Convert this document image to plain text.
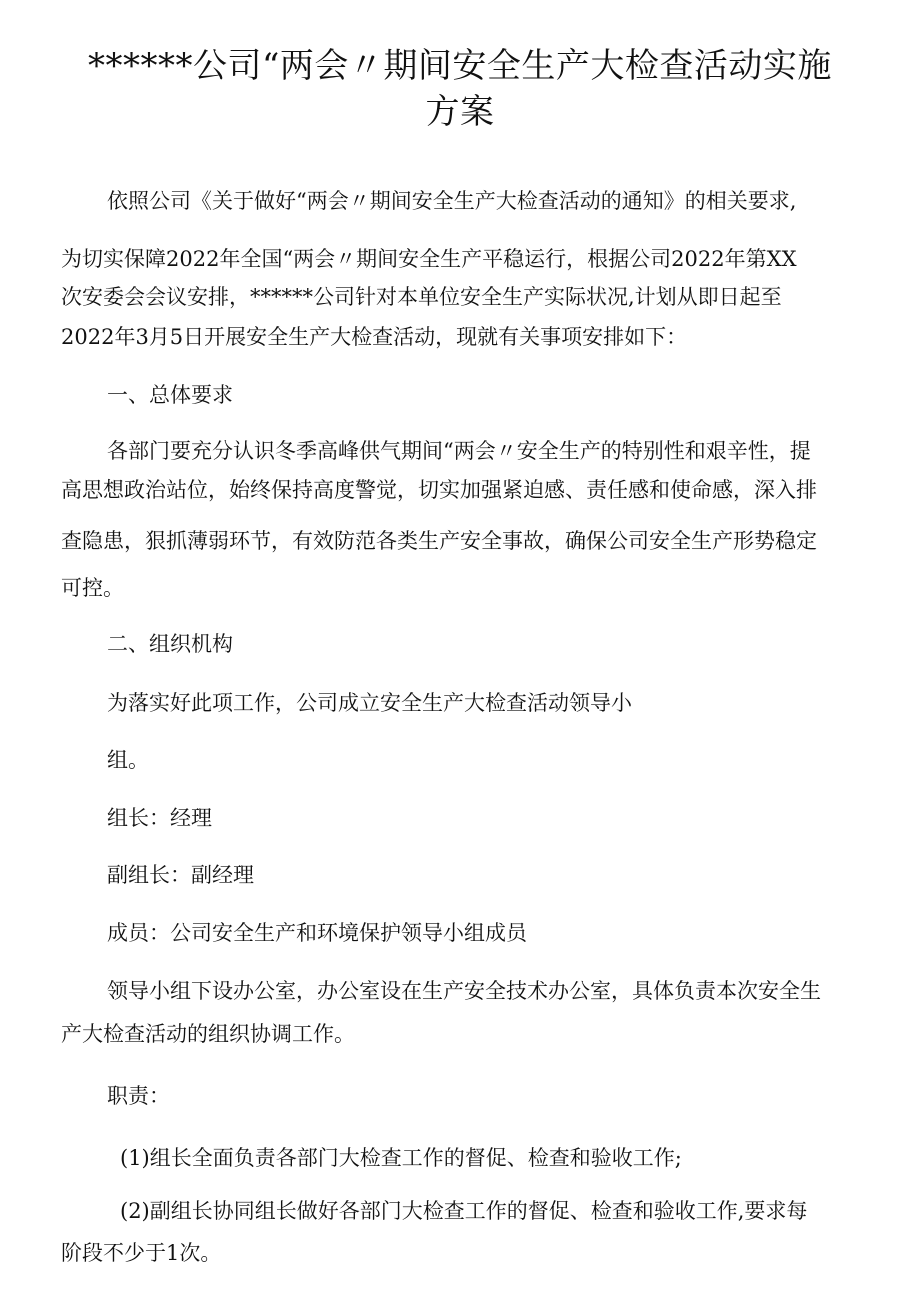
******公司“两会〃期间安全生产大检查活动实施
方案
依照公司《关于做好“两会〃期间安全生产大检查活动的通知》的相关要求,
为切实保障2022年全国“两会〃期间安全生产平稳运行，根据公司2022年第XX
次安委会会议安排，******公司针对本单位安全生产实际状况,计划从即日起至
2022年3月5日开展安全生产大检查活动，现就有关事项安排如下：
一、总体要求
各部门要充分认识冬季高峰供气期间“两会〃安全生产的特别性和艰辛性，提
高思想政治站位，始终保持高度警觉，切实加强紧迫感、责任感和使命感，深入排
查隐患，狠抓薄弱环节，有效防范各类生产安全事故，确保公司安全生产形势稳定
可控。
二、组织机构
为落实好此项工作，公司成立安全生产大检查活动领导小
组。
组长：经理
副组长：副经理
成员：公司安全生产和环境保护领导小组成员
领导小组下设办公室，办公室设在生产安全技术办公室，具体负责本次安全生
产大检查活动的组织协调工作。
职责：
(1)组长全面负责各部门大检查工作的督促、检查和验收工作;
(2)副组长协同组长做好各部门大检查工作的督促、检查和验收工作,要求每
阶段不少于1次。
